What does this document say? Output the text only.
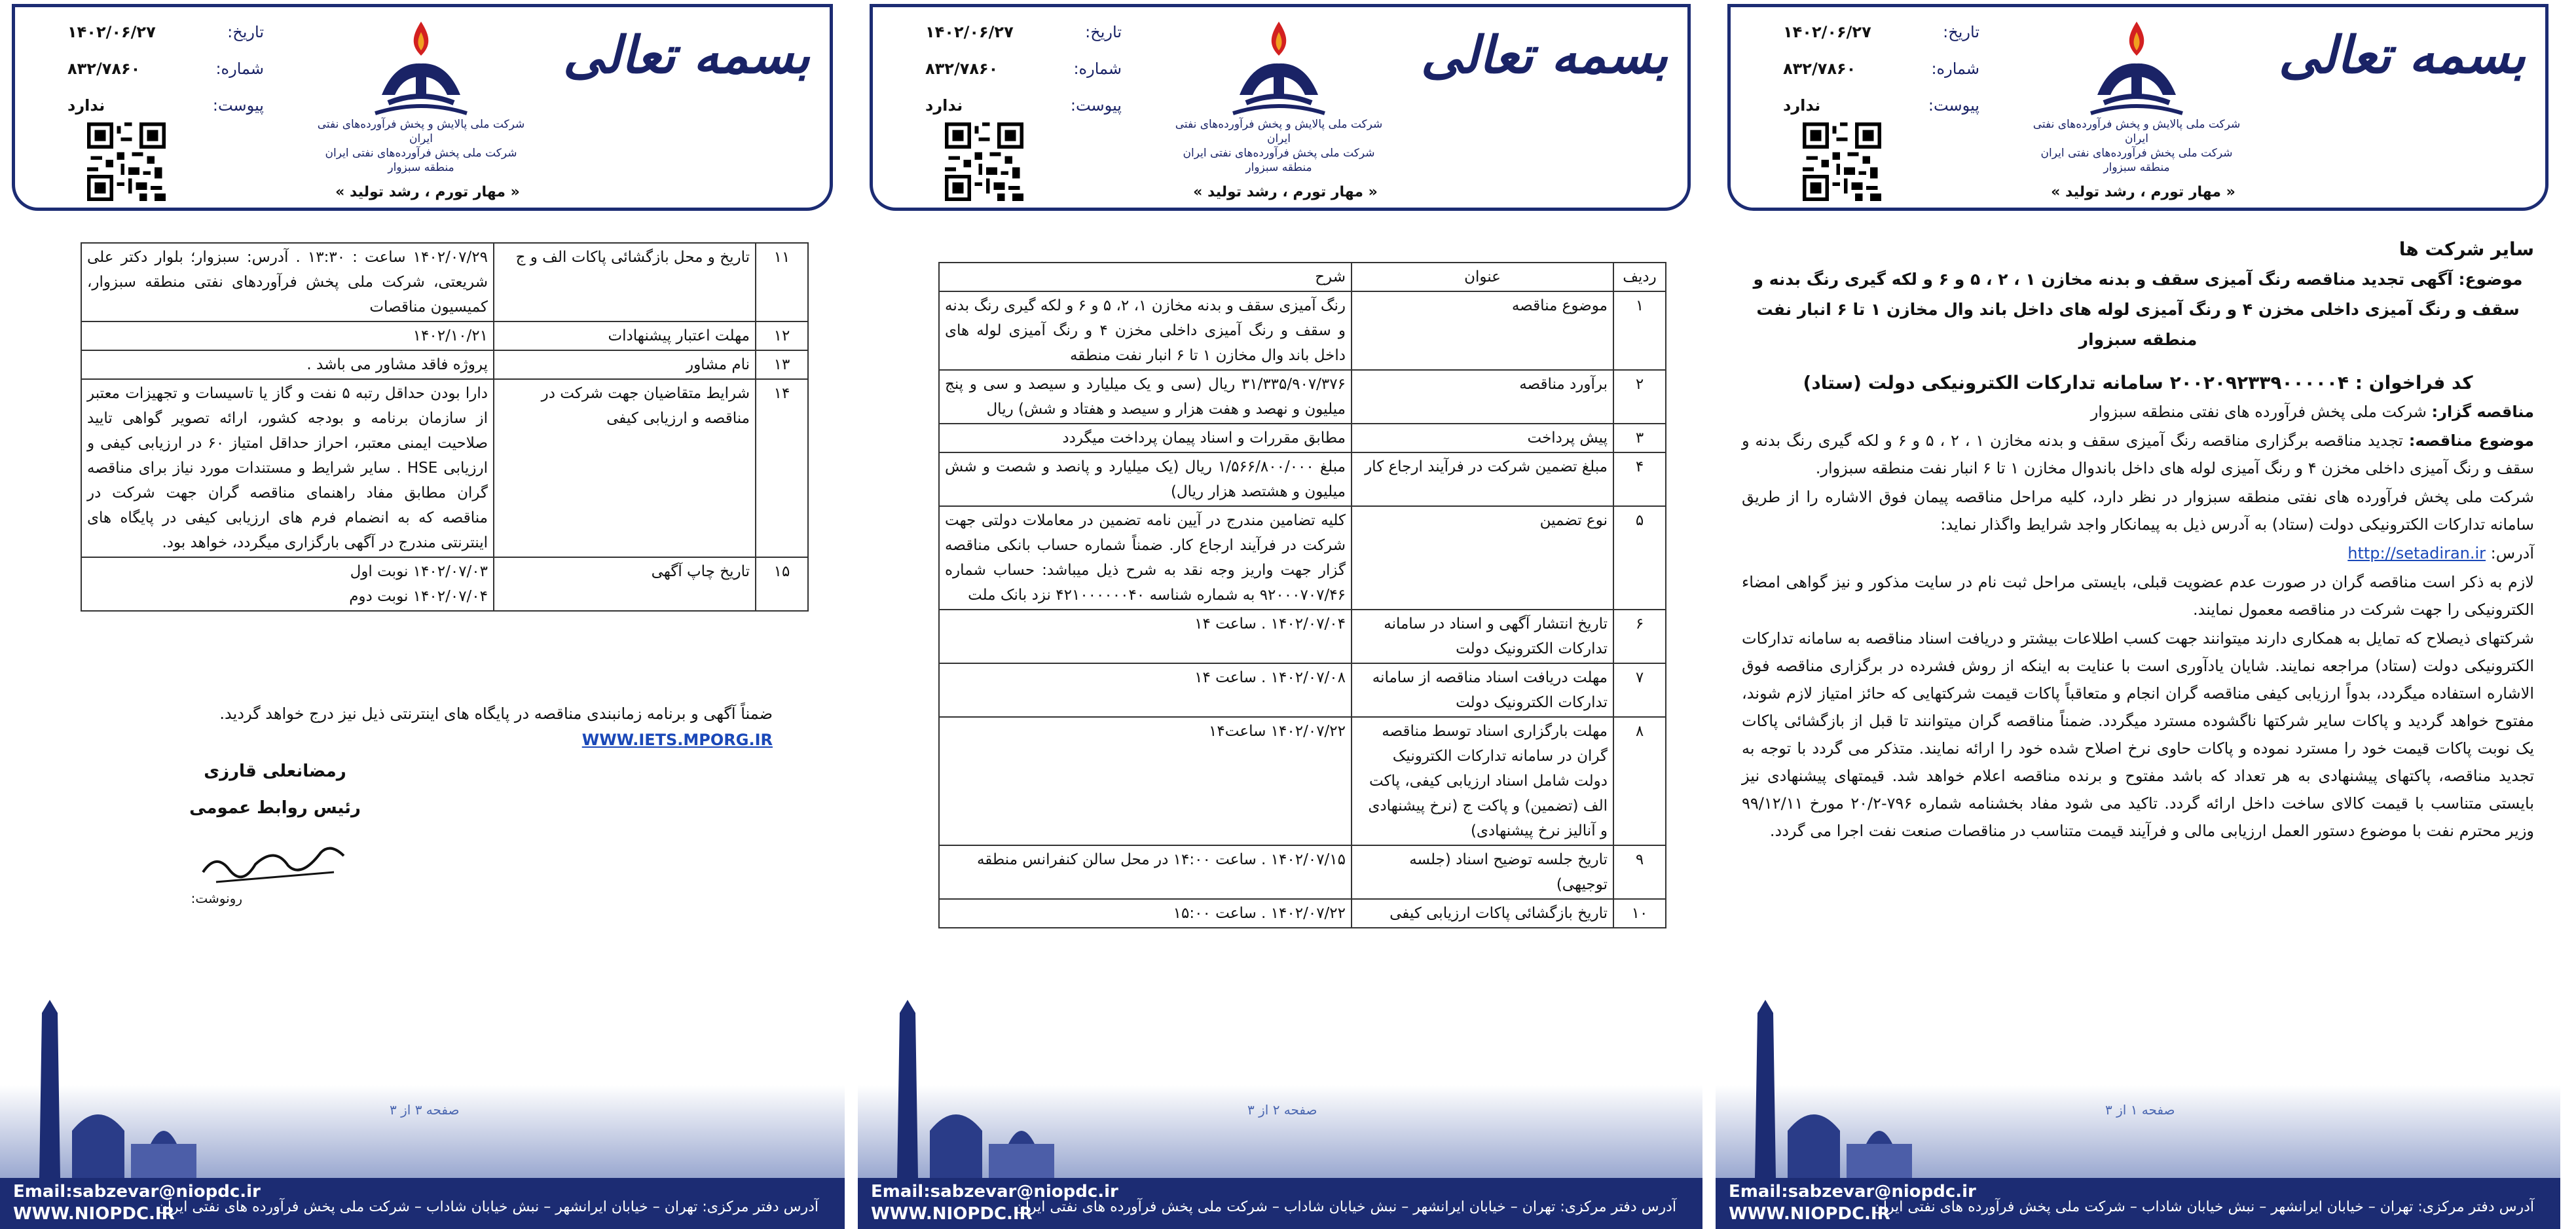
بسمه تعالی
شرکت ملی پالایش و پخش فرآورده‌های نفتی ایران
شرکت ملی پخش فرآورده‌های نفتی ایران
منطقه سبزوار
تاریخ:
۱۴۰۲/۰۶/۲۷
شماره:
۸۳۲/۷۸۶۰
پیوست:
ندارد
« مهار تورم ، رشد تولید »

سایر شرکت ها

موضوع: آگهی تجدید مناقصه رنگ آمیزی سقف و بدنه مخازن ۱ ، ۲ ، ۵ و ۶ و لکه گیری رنگ بدنه و سقف و رنگ آمیزی داخلی مخزن ۴ و رنگ آمیزی لوله های داخل باند وال مخازن ۱ تا ۶ انبار نفت منطقه سبزوار

کد فراخوان : ۲۰۰۲۰۹۲۳۳۹۰۰۰۰۰۴ سامانه تدارکات الکترونیکی دولت (ستاد)

مناقصه گزار: شرکت ملی پخش فرآورده های نفتی منطقه سبزوار

موضوع مناقصه: تجدید مناقصه برگزاری مناقصه رنگ آمیزی سقف و بدنه مخازن ۱ ، ۲ ، ۵ و ۶ و لکه گیری رنگ بدنه و سقف و رنگ آمیزی داخلی مخزن ۴ و رنگ آمیزی لوله های داخل باندوال مخازن ۱ تا ۶ انبار نفت منطقه سبزوار.

شرکت ملی پخش فرآورده های نفتی منطقه سبزوار در نظر دارد، کلیه مراحل مناقصه پیمان فوق الاشاره را از طریق سامانه تدارکات الکترونیکی دولت (ستاد) به آدرس ذیل به پیمانکار واجد شرایط واگذار نماید:

آدرس: http://setadiran.ir

لازم به ذکر است مناقصه گران در صورت عدم عضویت قبلی، بایستی مراحل ثبت نام در سایت مذکور و نیز گواهی امضاء الکترونیکی را جهت شرکت در مناقصه معمول نمایند.

شرکتهای ذیصلاح که تمایل به همکاری دارند میتوانند جهت کسب اطلاعات بیشتر و دریافت اسناد مناقصه به سامانه تدارکات الکترونیکی دولت (ستاد) مراجعه نمایند. شایان یادآوری است با عنایت به اینکه از روش فشرده در برگزاری مناقصه فوق الاشاره استفاده میگردد، بدواً ارزیابی کیفی مناقصه گران انجام و متعاقباً پاکات قیمت شرکتهایی که حائز امتیاز لازم شوند، مفتوح خواهد گردید و پاکات سایر شرکتها ناگشوده مسترد میگردد. ضمناً مناقصه گران میتوانند تا قبل از بازگشائی پاکات یک نوبت پاکات قیمت خود را مسترد نموده و پاکات حاوی نرخ اصلاح شده خود را ارائه نمایند. متذکر می گردد با توجه به تجدید مناقصه، پاکتهای پیشنهادی به هر تعداد که باشد مفتوح و برنده مناقصه اعلام خواهد شد. قیمتهای پیشنهادی نیز بایستی متناسب با قیمت کالای ساخت داخل ارائه گردد. تاکید می شود مفاد بخشنامه شماره ۷۹۶-۲۰/۲ مورخ ۹۹/۱۲/۱۱ وزیر محترم نفت با موضوع دستور العمل ارزیابی مالی و فرآیند قیمت متناسب در مناقصات صنعت نفت اجرا می گردد.

صفحه ۱ از ۳
Email:sabzevar@niopdc.ir
WWW.NIOPDC.IR
آدرس دفتر مرکزی: تهران – خیابان ایرانشهر – نبش خیابان شاداب – شرکت ملی پخش فرآورده های نفتی ایران
بسمه تعالی
شرکت ملی پالایش و پخش فرآورده‌های نفتی ایران
شرکت ملی پخش فرآورده‌های نفتی ایران
منطقه سبزوار
تاریخ:
۱۴۰۲/۰۶/۲۷
شماره:
۸۳۲/۷۸۶۰
پیوست:
ندارد
« مهار تورم ، رشد تولید »
ردیف	عنوان	شرح
۱	موضوع مناقصه	رنگ آمیزی سقف و بدنه مخازن ۱، ۲، ۵ و ۶ و لکه گیری رنگ بدنه و سقف و رنگ آمیزی داخلی مخزن ۴ و رنگ آمیزی لوله های داخل باند وال مخازن ۱ تا ۶ انبار نفت منطقه
۲	برآورد مناقصه	۳۱/۳۳۵/۹۰۷/۳۷۶ ریال (سی و یک میلیارد و سیصد و سی و پنج میلیون و نهصد و هفت هزار و سیصد و هفتاد و شش) ریال
۳	پیش پرداخت	مطابق مقررات و اسناد پیمان پرداخت میگردد
۴	مبلغ تضمین شرکت در فرآیند ارجاع کار	مبلغ ۱/۵۶۶/۸۰۰/۰۰۰ ریال (یک میلیارد و پانصد و شصت و شش میلیون و هشتصد هزار ریال)
۵	نوع تضمین	کلیه تضامین مندرج در آیین نامه تضمین در معاملات دولتی جهت شرکت در فرآیند ارجاع کار. ضمناً شماره حساب بانکی مناقصه گزار جهت واریز وجه نقد به شرح ذیل میباشد: حساب شماره ۹۲۰۰۰۷۰۷/۴۶ به شماره شناسه ۴۲۱۰۰۰۰۰۰۴۰ نزد بانک ملت
۶	تاریخ انتشار آگهی و اسناد در سامانه تدارکات الکترونیک دولت	۱۴۰۲/۰۷/۰۴ . ساعت ۱۴
۷	مهلت دریافت اسناد مناقصه از سامانه تدارکات الکترونیک دولت	۱۴۰۲/۰۷/۰۸ . ساعت ۱۴
۸	مهلت بارگزاری اسناد توسط مناقصه گران در سامانه تدارکات الکترونیک دولت شامل اسناد ارزیابی کیفی، پاکت الف (تضمین) و پاکت ج (نرخ پیشنهادی و آنالیز نرخ پیشنهادی)	۱۴۰۲/۰۷/۲۲ ساعت۱۴
۹	تاریخ جلسه توضیح اسناد (جلسه توجیهی)	۱۴۰۲/۰۷/۱۵ . ساعت ۱۴:۰۰ در محل سالن کنفرانس منطقه
۱۰	تاریخ بازگشائی پاکات ارزیابی کیفی	۱۴۰۲/۰۷/۲۲ . ساعت ۱۵:۰۰
صفحه ۲ از ۳
Email:sabzevar@niopdc.ir
WWW.NIOPDC.IR
آدرس دفتر مرکزی: تهران – خیابان ایرانشهر – نبش خیابان شاداب – شرکت ملی پخش فرآورده های نفتی ایران
بسمه تعالی
شرکت ملی پالایش و پخش فرآورده‌های نفتی ایران
شرکت ملی پخش فرآورده‌های نفتی ایران
منطقه سبزوار
تاریخ:
۱۴۰۲/۰۶/۲۷
شماره:
۸۳۲/۷۸۶۰
پیوست:
ندارد
« مهار تورم ، رشد تولید »
۱۱	تاریخ و محل بازگشائی پاکات الف و ج	۱۴۰۲/۰۷/۲۹ ساعت : ۱۳:۳۰ . آدرس: سبزوار؛ بلوار دکتر علی شریعتی، شرکت ملی پخش فرآوردهای نفتی منطقه سبزوار، کمیسیون مناقصات
۱۲	مهلت اعتبار پیشنهادات	۱۴۰۲/۱۰/۲۱
۱۳	نام مشاور	پروژه فاقد مشاور می باشد .
۱۴	شرایط متقاضیان جهت شرکت در مناقصه و ارزیابی کیفی	دارا بودن حداقل رتبه ۵ نفت و گاز یا تاسیسات و تجهیزات معتبر از سازمان برنامه و بودجه کشور، ارائه تصویر گواهی تایید صلاحیت ایمنی معتبر، احراز حداقل امتیاز ۶۰ در ارزیابی کیفی و ارزیابی HSE . سایر شرایط و مستندات مورد نیاز برای مناقصه گران مطابق مفاد راهنمای مناقصه گران جهت شرکت در مناقصه که به انضمام فرم های ارزیابی کیفی در پایگاه های اینترنتی مندرج در آگهی بارگزاری میگردد، خواهد بود.
۱۵	تاریخ چاپ آگهی	۱۴۰۲/۰۷/۰۳ نوبت اول
۱۴۰۲/۰۷/۰۴ نوبت دوم

ضمناً آگهی و برنامه زمانبندی مناقصه در پایگاه های اینترنتی ذیل نیز درج خواهد گردید.

WWW.IETS.MPORG.IR

رمضانعلی قارزی
رئیس روابط عمومی
رونوشت:
صفحه ۳ از ۳
Email:sabzevar@niopdc.ir
WWW.NIOPDC.IR
آدرس دفتر مرکزی: تهران – خیابان ایرانشهر – نبش خیابان شاداب – شرکت ملی پخش فرآورده های نفتی ایران
